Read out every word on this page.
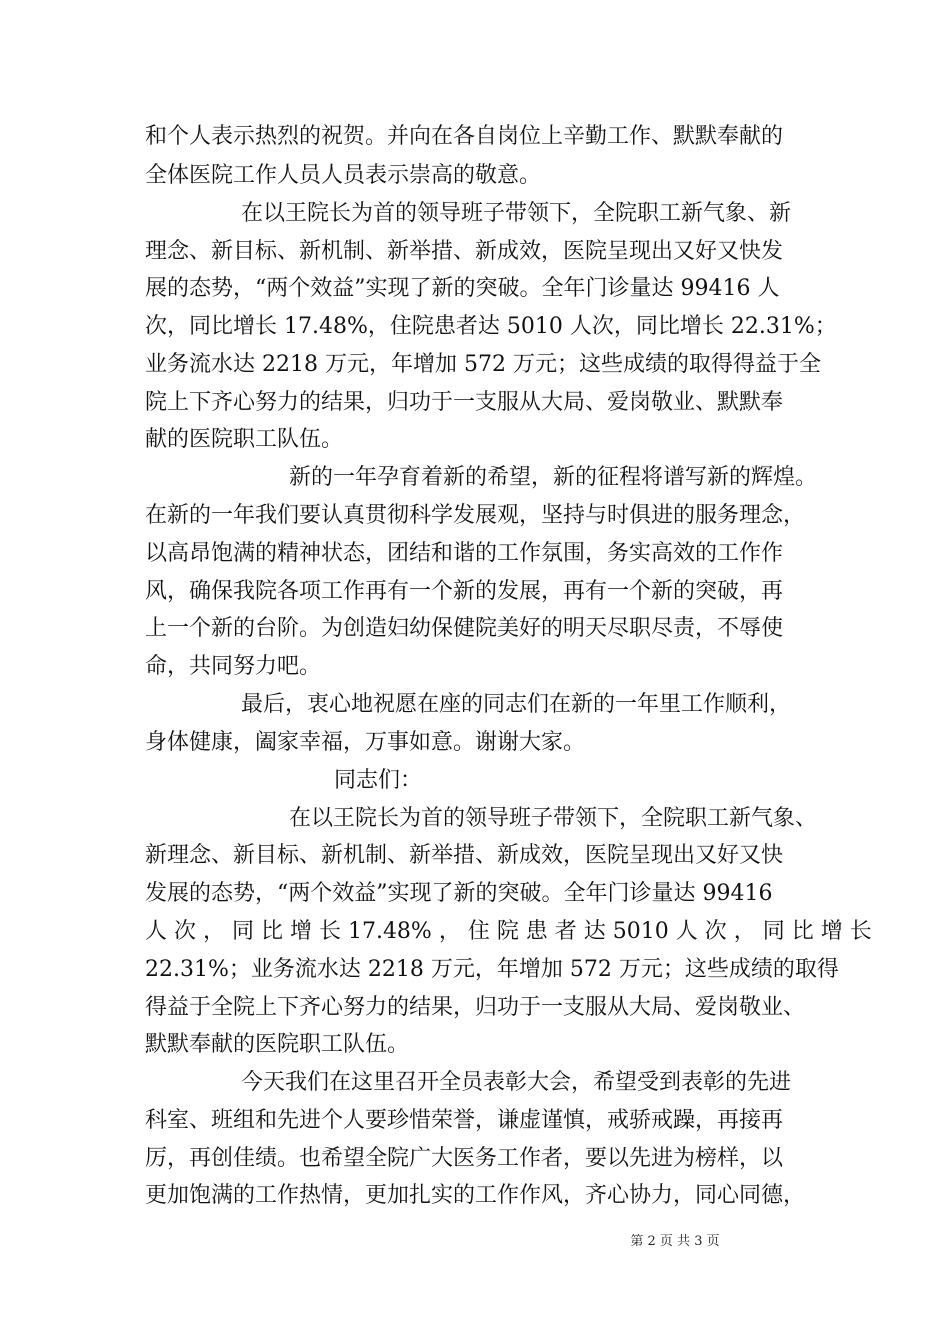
和个人表示热烈的祝贺。并向在各自岗位上辛勤工作、默默奉献的
全体医院工作人员人员表示崇高的敬意。
在以王院长为首的领导班子带领下，全院职工新气象、新
理念、新目标、新机制、新举措、新成效，医院呈现出又好又快发
展的态势，“两个效益”实现了新的突破。全年门诊量达 99416 人
次，同比增长 17.48%，住院患者达 5010 人次，同比增长 22.31%；
业务流水达 2218 万元，年增加 572 万元；这些成绩的取得得益于全
院上下齐心努力的结果，归功于一支服从大局、爱岗敬业、默默奉
献的医院职工队伍。
新的一年孕育着新的希望，新的征程将谱写新的辉煌。
在新的一年我们要认真贯彻科学发展观，坚持与时俱进的服务理念，
以高昂饱满的精神状态，团结和谐的工作氛围，务实高效的工作作
风，确保我院各项工作再有一个新的发展，再有一个新的突破，再
上一个新的台阶。为创造妇幼保健院美好的明天尽职尽责，不辱使
命，共同努力吧。
最后，衷心地祝愿在座的同志们在新的一年里工作顺利，
身体健康，阖家幸福，万事如意。谢谢大家。
同志们：
在以王院长为首的领导班子带领下，全院职工新气象、
新理念、新目标、新机制、新举措、新成效，医院呈现出又好又快
发展的态势，“两个效益”实现了新的突破。全年门诊量达 99416
人 次 ， 同 比 增 长 17.48% ， 住 院 患 者 达 5010 人 次 ， 同 比 增 长
22.31%；业务流水达 2218 万元，年增加 572 万元；这些成绩的取得
得益于全院上下齐心努力的结果，归功于一支服从大局、爱岗敬业、
默默奉献的医院职工队伍。
今天我们在这里召开全员表彰大会，希望受到表彰的先进
科室、班组和先进个人要珍惜荣誉，谦虚谨慎，戒骄戒躁，再接再
厉，再创佳绩。也希望全院广大医务工作者，要以先进为榜样，以
更加饱满的工作热情，更加扎实的工作作风，齐心协力，同心同德，
第 2 页 共 3 页
